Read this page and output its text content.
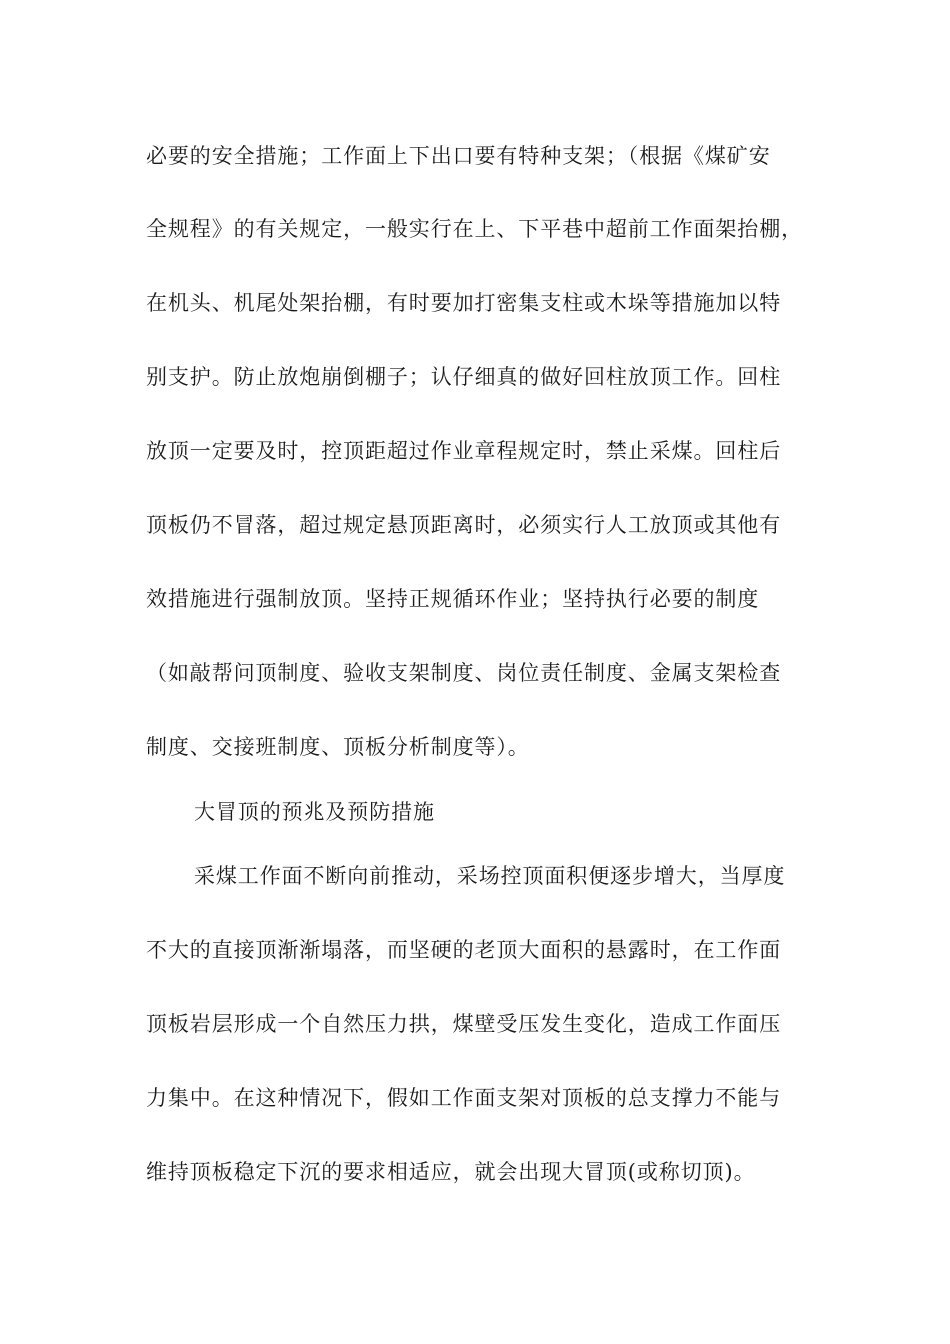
必要的安全措施；工作面上下出口要有特种支架；（根据《煤矿安
全规程》的有关规定，一般实行在上、下平巷中超前工作面架抬棚，
在机头、机尾处架抬棚，有时要加打密集支柱或木垛等措施加以特
别支护。防止放炮崩倒棚子；认仔细真的做好回柱放顶工作。回柱
放顶一定要及时，控顶距超过作业章程规定时，禁止采煤。回柱后
顶板仍不冒落，超过规定悬顶距离时，必须实行人工放顶或其他有
效措施进行强制放顶。坚持正规循环作业；坚持执行必要的制度
（如敲帮问顶制度、验收支架制度、岗位责任制度、金属支架检查
制度、交接班制度、顶板分析制度等）。
大冒顶的预兆及预防措施
采煤工作面不断向前推动，采场控顶面积便逐步增大，当厚度
不大的直接顶渐渐塌落，而坚硬的老顶大面积的悬露时，在工作面
顶板岩层形成一个自然压力拱，煤壁受压发生变化，造成工作面压
力集中。在这种情况下，假如工作面支架对顶板的总支撑力不能与
维持顶板稳定下沉的要求相适应，就会出现大冒顶(或称切顶)。
